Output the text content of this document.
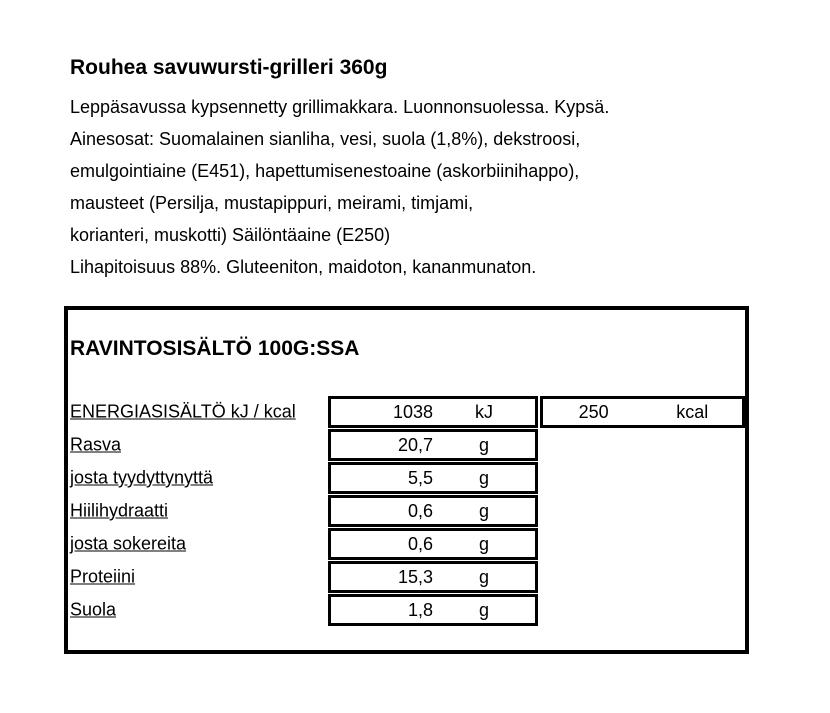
Rouhea savuwursti-grilleri 360g
Leppäsavussa kypsennetty grillimakkara. Luonnonsuolessa. Kypsä.
Ainesosat: Suomalainen sianliha, vesi, suola (1,8%), dekstroosi,
emulgointiaine (E451), hapettumisenestoaine (askorbiinihappo),
mausteet (Persilja, mustapippuri, meirami, timjami,
korianteri, muskotti) Säilöntäaine (E250)
Lihapitoisuus 88%. Gluteeniton, maidoton, kananmunaton.
RAVINTOSISÄLTÖ 100G:SSA
ENERGIASISÄLTÖ kJ / kcal	1038	kJ	250	kcal
Rasva	20,7	g
josta tyydyttynyttä	5,5	g
Hiilihydraatti	0,6	g
josta sokereita	0,6	g
Proteiini	15,3	g
Suola	1,8	g
